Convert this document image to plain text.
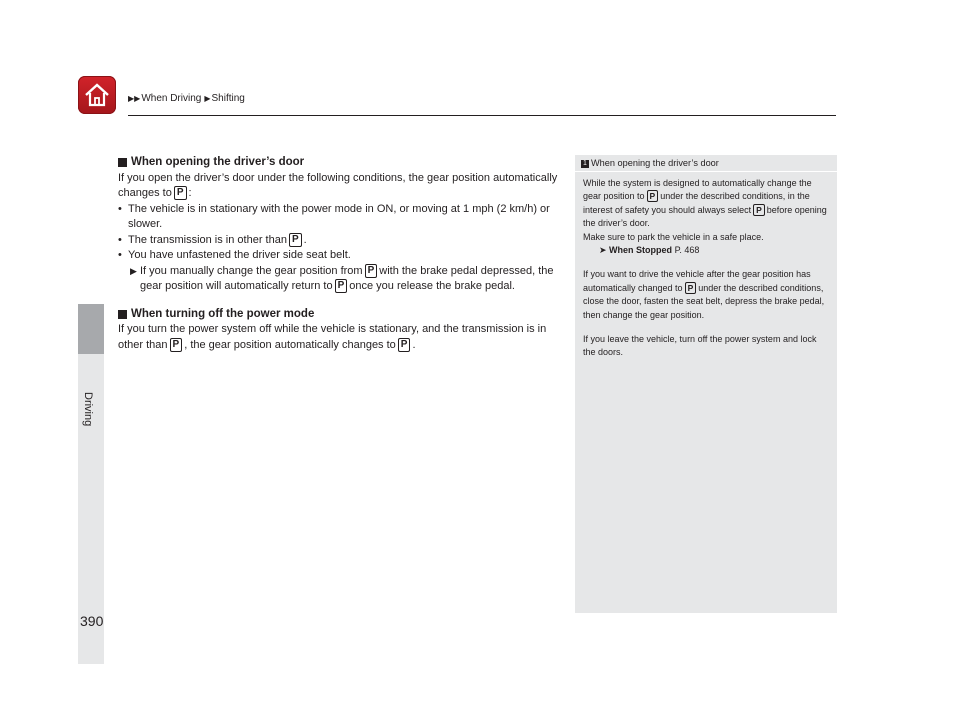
▶▶ When Driving ▶ Shifting
Driving
390
When opening the driver’s door

If you open the driver’s door under the following conditions, the gear position automatically changes to P :

• The vehicle is in stationary with the power mode in ON, or moving at 1 mph (2 km/h) or slower.

• The transmission is in other than P .

• You have unfastened the driver side seat belt.

▶ If you manually change the gear position from P with the brake pedal depressed, the gear position will automatically return to P once you release the brake pedal.

When turning off the power mode

If you turn the power system off while the vehicle is stationary, and the transmission is in other than P , the gear position automatically changes to P .

1 When opening the driver’s door

While the system is designed to automatically change the gear position to P under the described conditions, in the interest of safety you should always select P before opening the driver’s door.

Make sure to park the vehicle in a safe place.

➤ When Stopped P. 468

If you want to drive the vehicle after the gear position has automatically changed to P under the described conditions, close the door, fasten the seat belt, depress the brake pedal, then change the gear position.

If you leave the vehicle, turn off the power system and lock the doors.
